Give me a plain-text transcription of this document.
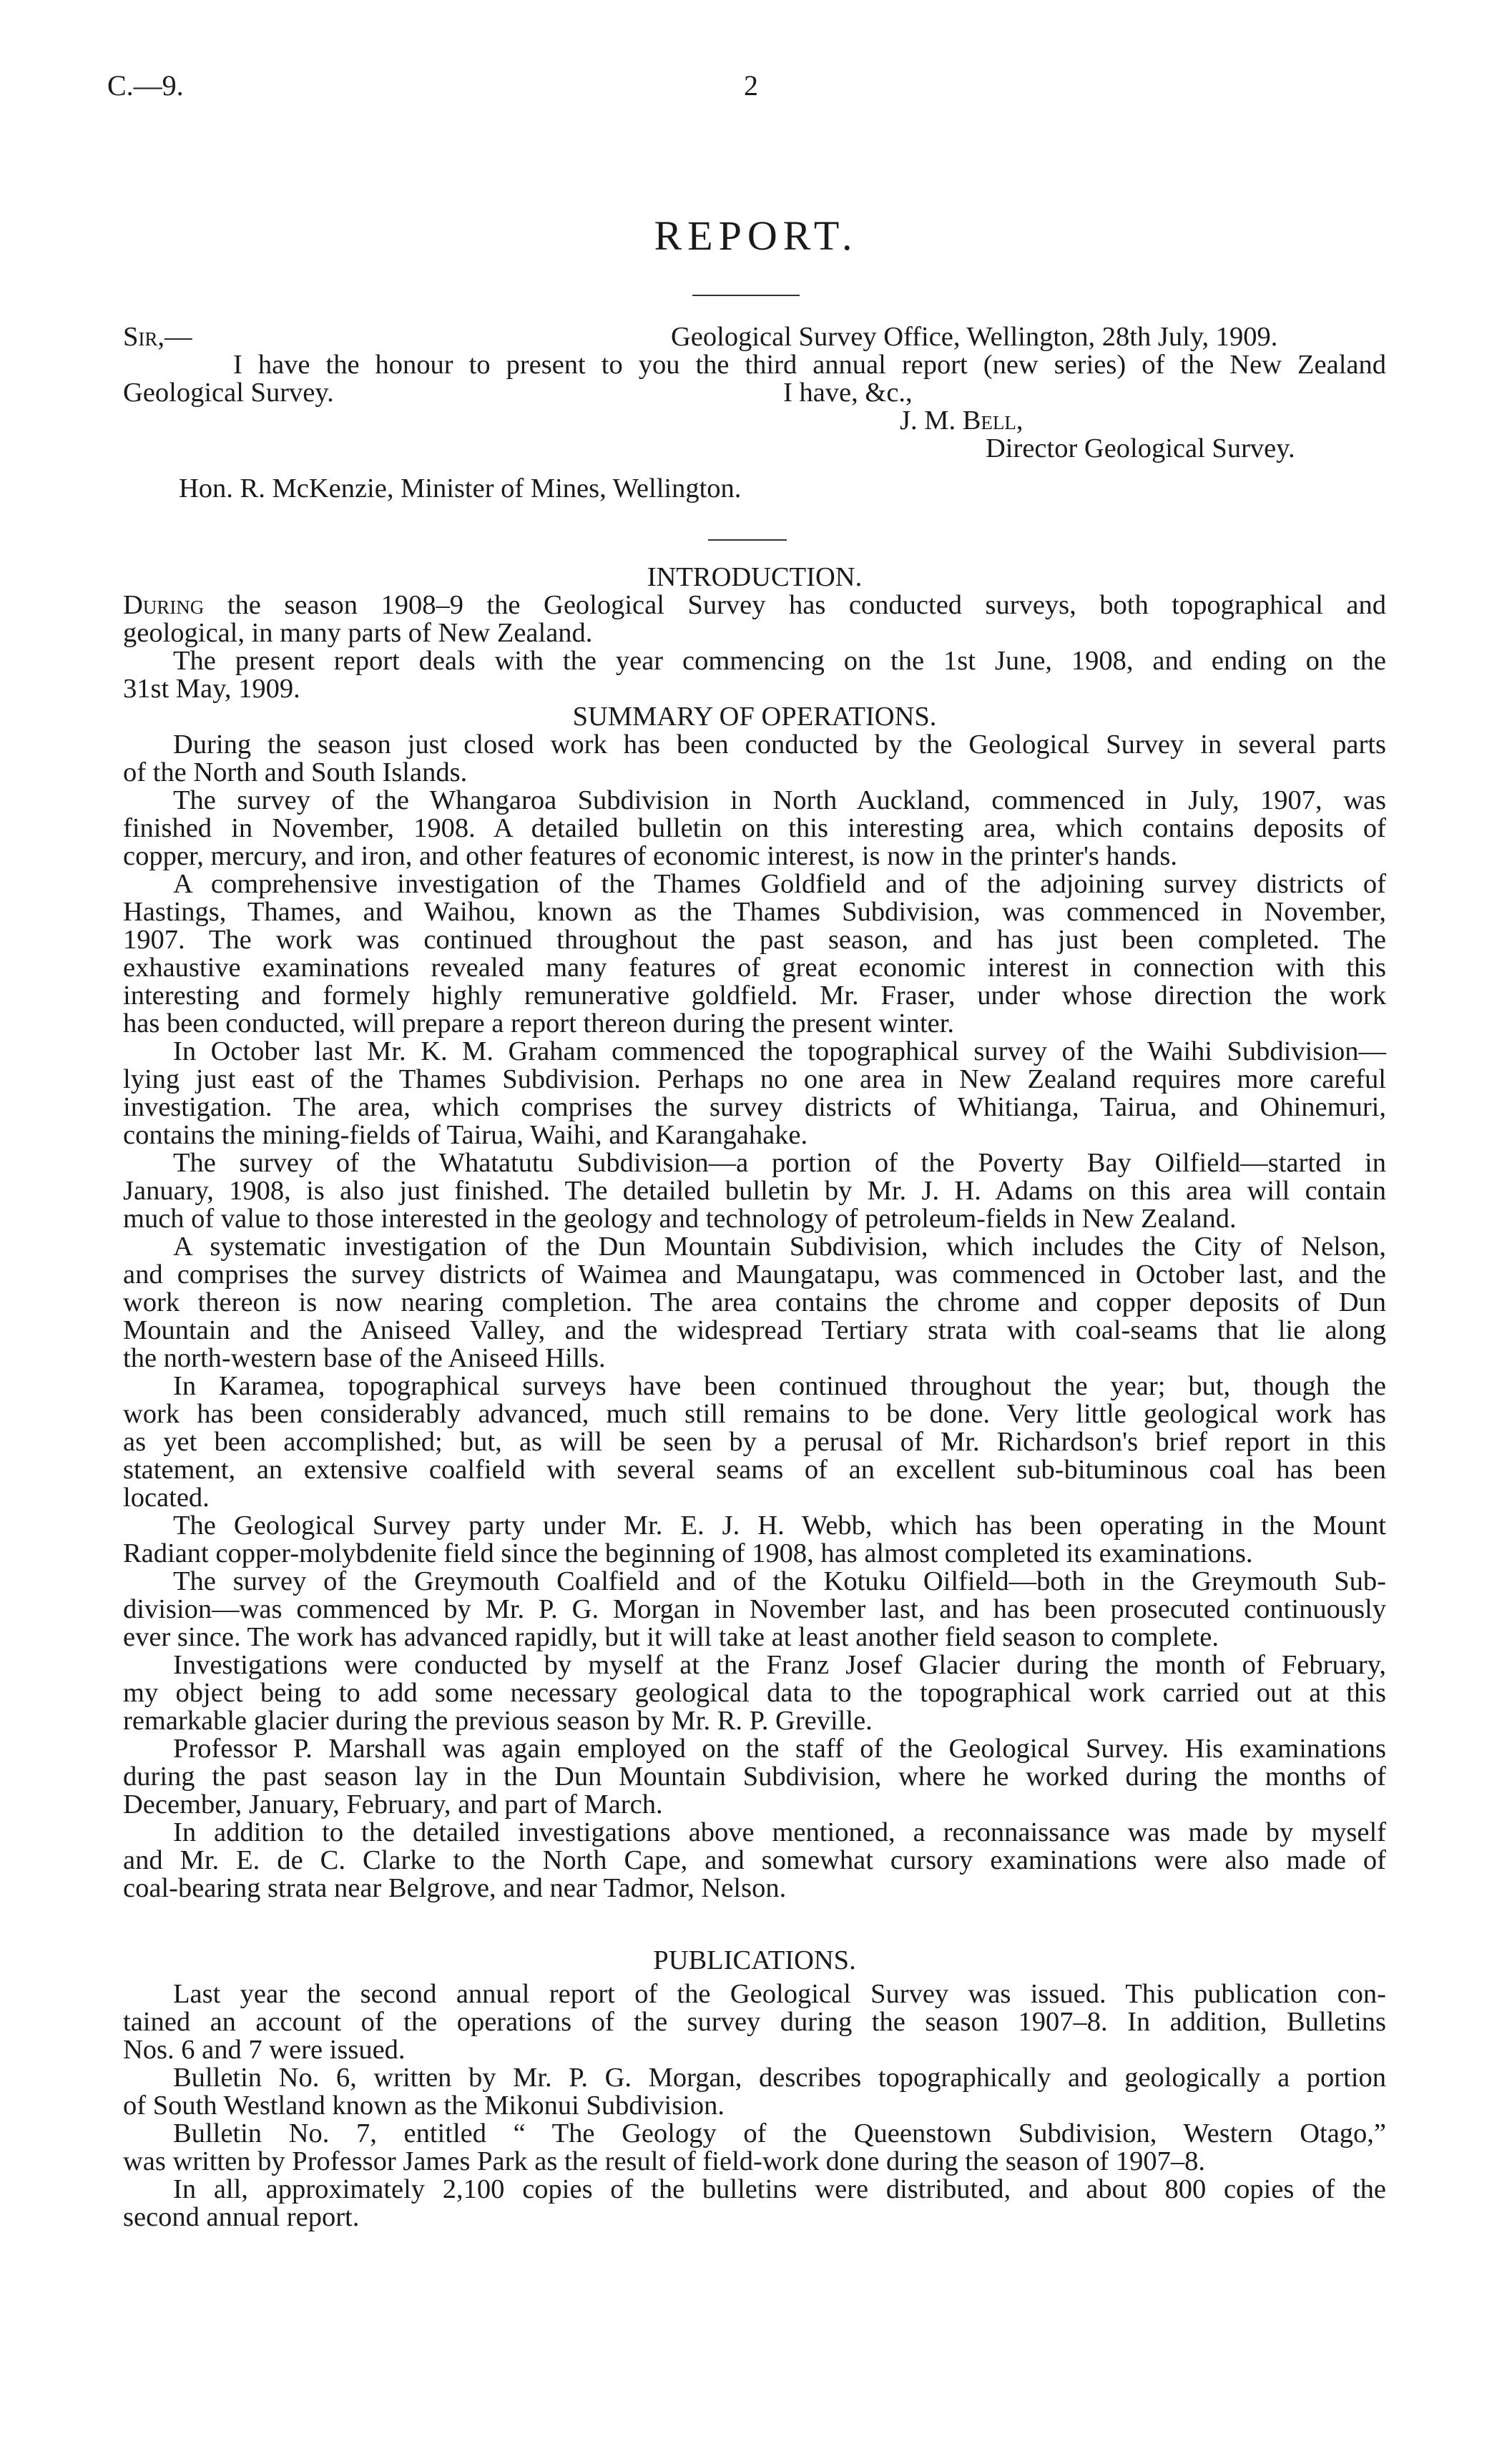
C.—9.	2
REPORT.
Sir,—	Geological Survey Office, Wellington, 28th July, 1909.
I have the honour to present to you the third annual report (new series) of the New Zealand
Geological Survey.	I have, &c.,
J. M. Bell,
Director Geological Survey.
Hon. R. McKenzie, Minister of Mines, Wellington.
INTRODUCTION.
During the season 1908–9 the Geological Survey has conducted surveys, both topographical and
geological, in many parts of New Zealand.
The present report deals with the year commencing on the 1st June, 1908, and ending on the
31st May, 1909.
SUMMARY OF OPERATIONS.
During the season just closed work has been conducted by the Geological Survey in several parts
of the North and South Islands.
The survey of the Whangaroa Subdivision in North Auckland, commenced in July, 1907, was
finished in November, 1908. A detailed bulletin on this interesting area, which contains deposits of
copper, mercury, and iron, and other features of economic interest, is now in the printer's hands.
A comprehensive investigation of the Thames Goldfield and of the adjoining survey districts of
Hastings, Thames, and Waihou, known as the Thames Subdivision, was commenced in November,
1907. The work was continued throughout the past season, and has just been completed. The
exhaustive examinations revealed many features of great economic interest in connection with this
interesting and formely highly remunerative goldfield. Mr. Fraser, under whose direction the work
has been conducted, will prepare a report thereon during the present winter.
In October last Mr. K. M. Graham commenced the topographical survey of the Waihi Subdivision—
lying just east of the Thames Subdivision. Perhaps no one area in New Zealand requires more careful
investigation. The area, which comprises the survey districts of Whitianga, Tairua, and Ohinemuri,
contains the mining-fields of Tairua, Waihi, and Karangahake.
The survey of the Whatatutu Subdivision—a portion of the Poverty Bay Oilfield—started in
January, 1908, is also just finished. The detailed bulletin by Mr. J. H. Adams on this area will contain
much of value to those interested in the geology and technology of petroleum-fields in New Zealand.
A systematic investigation of the Dun Mountain Subdivision, which includes the City of Nelson,
and comprises the survey districts of Waimea and Maungatapu, was commenced in October last, and the
work thereon is now nearing completion. The area contains the chrome and copper deposits of Dun
Mountain and the Aniseed Valley, and the widespread Tertiary strata with coal-seams that lie along
the north-western base of the Aniseed Hills.
In Karamea, topographical surveys have been continued throughout the year; but, though the
work has been considerably advanced, much still remains to be done. Very little geological work has
as yet been accomplished; but, as will be seen by a perusal of Mr. Richardson's brief report in this
statement, an extensive coalfield with several seams of an excellent sub-bituminous coal has been
located.
The Geological Survey party under Mr. E. J. H. Webb, which has been operating in the Mount
Radiant copper-molybdenite field since the beginning of 1908, has almost completed its examinations.
The survey of the Greymouth Coalfield and of the Kotuku Oilfield—both in the Greymouth Sub-
division—was commenced by Mr. P. G. Morgan in November last, and has been prosecuted continuously
ever since. The work has advanced rapidly, but it will take at least another field season to complete.
Investigations were conducted by myself at the Franz Josef Glacier during the month of February,
my object being to add some necessary geological data to the topographical work carried out at this
remarkable glacier during the previous season by Mr. R. P. Greville.
Professor P. Marshall was again employed on the staff of the Geological Survey. His examinations
during the past season lay in the Dun Mountain Subdivision, where he worked during the months of
December, January, February, and part of March.
In addition to the detailed investigations above mentioned, a reconnaissance was made by myself
and Mr. E. de C. Clarke to the North Cape, and somewhat cursory examinations were also made of
coal-bearing strata near Belgrove, and near Tadmor, Nelson.
PUBLICATIONS.
Last year the second annual report of the Geological Survey was issued. This publication con-
tained an account of the operations of the survey during the season 1907–8. In addition, Bulletins
Nos. 6 and 7 were issued.
Bulletin No. 6, written by Mr. P. G. Morgan, describes topographically and geologically a portion
of South Westland known as the Mikonui Subdivision.
Bulletin No. 7, entitled “ The Geology of the Queenstown Subdivision, Western Otago,”
was written by Professor James Park as the result of field-work done during the season of 1907–8.
In all, approximately 2,100 copies of the bulletins were distributed, and about 800 copies of the
second annual report.
